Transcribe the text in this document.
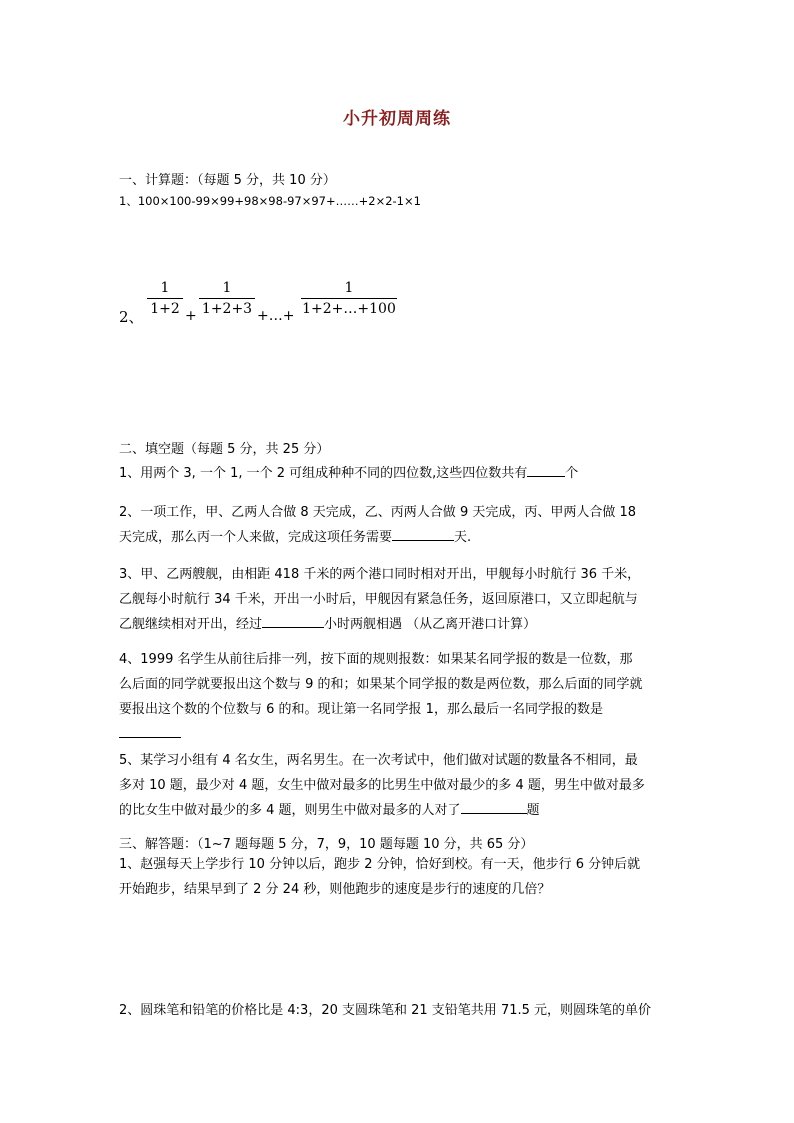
小升初周周练
一、计算题：（每题 5 分，共 10 分）
1、100×100-99×99+98×98-97×97+……+2×2-1×1
2、
1
1+2 +
1
1+2+3 +…+
1
1+2+…+100
二、填空题（每题 5 分，共 25 分）
1、用两个 3, 一个 1, 一个 2 可组成种种不同的四位数,这些四位数共有	个
2、一项工作，甲、乙两人合做 8 天完成，乙、丙两人合做 9 天完成，丙、甲两人合做 18
天完成，那么丙一个人来做，完成这项任务需要	天.
3、甲、乙两艘舰，由相距 418 千米的两个港口同时相对开出，甲舰每小时航行 36 千米，
乙舰每小时航行 34 千米，开出一小时后，甲舰因有紧急任务，返回原港口，又立即起航与
乙舰继续相对开出，经过	小时两舰相遇 （从乙离开港口计算）
4、1999 名学生从前往后排一列，按下面的规则报数：如果某名同学报的数是一位数，那
么后面的同学就要报出这个数与 9 的和；如果某个同学报的数是两位数，那么后面的同学就
要报出这个数的个位数与 6 的和。现让第一名同学报 1，那么最后一名同学报的数是
5、某学习小组有 4 名女生，两名男生。在一次考试中，他们做对试题的数量各不相同，最
多对 10 题，最少对 4 题，女生中做对最多的比男生中做对最少的多 4 题，男生中做对最多
的比女生中做对最少的多 4 题，则男生中做对最多的人对了	题
三、解答题：（1~7 题每题 5 分，7，9，10 题每题 10 分，共 65 分）
1、赵强每天上学步行 10 分钟以后，跑步 2 分钟，恰好到校。有一天，他步行 6 分钟后就
开始跑步，结果早到了 2 分 24 秒，则他跑步的速度是步行的速度的几倍？
2、圆珠笔和铅笔的价格比是 4:3，20 支圆珠笔和 21 支铅笔共用 71.5 元，则圆珠笔的单价
